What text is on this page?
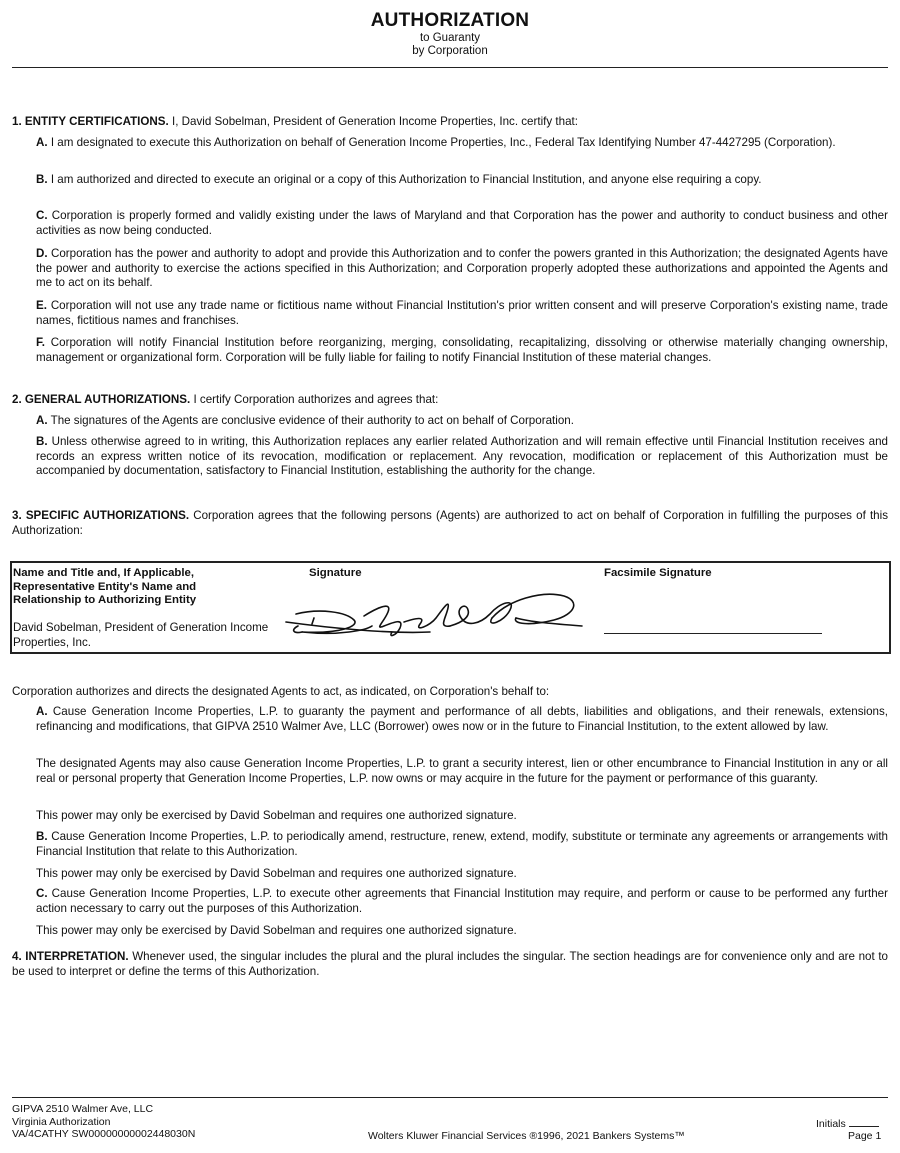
AUTHORIZATION
to Guaranty
by Corporation

1. ENTITY CERTIFICATIONS. I, David Sobelman, President of Generation Income Properties, Inc. certify that:

A. I am designated to execute this Authorization on behalf of Generation Income Properties, Inc., Federal Tax Identifying Number 47-4427295 (Corporation).

B. I am authorized and directed to execute an original or a copy of this Authorization to Financial Institution, and anyone else requiring a copy.

C. Corporation is properly formed and validly existing under the laws of Maryland and that Corporation has the power and authority to conduct business and other activities as now being conducted.

D. Corporation has the power and authority to adopt and provide this Authorization and to confer the powers granted in this Authorization; the designated Agents have the power and authority to exercise the actions specified in this Authorization; and Corporation properly adopted these authorizations and appointed the Agents and me to act on its behalf.

E. Corporation will not use any trade name or fictitious name without Financial Institution's prior written consent and will preserve Corporation's existing name, trade names, fictitious names and franchises.

F. Corporation will notify Financial Institution before reorganizing, merging, consolidating, recapitalizing, dissolving or otherwise materially changing ownership, management or organizational form. Corporation will be fully liable for failing to notify Financial Institution of these material changes.

2. GENERAL AUTHORIZATIONS. I certify Corporation authorizes and agrees that:

A. The signatures of the Agents are conclusive evidence of their authority to act on behalf of Corporation.

B. Unless otherwise agreed to in writing, this Authorization replaces any earlier related Authorization and will remain effective until Financial Institution receives and records an express written notice of its revocation, modification or replacement. Any revocation, modification or replacement of this Authorization must be accompanied by documentation, satisfactory to Financial Institution, establishing the authority for the change.

3. SPECIFIC AUTHORIZATIONS. Corporation agrees that the following persons (Agents) are authorized to act on behalf of Corporation in fulfilling the purposes of this Authorization:

Name and Title and, If Applicable, Representative Entity's Name and Relationship to Authorizing Entity
Signature	Facsimile Signature
David Sobelman, President of Generation Income Properties, Inc.

Corporation authorizes and directs the designated Agents to act, as indicated, on Corporation's behalf to:

A. Cause Generation Income Properties, L.P. to guaranty the payment and performance of all debts, liabilities and obligations, and their renewals, extensions, refinancing and modifications, that GIPVA 2510 Walmer Ave, LLC (Borrower) owes now or in the future to Financial Institution, to the extent allowed by law.

The designated Agents may also cause Generation Income Properties, L.P. to grant a security interest, lien or other encumbrance to Financial Institution in any or all real or personal property that Generation Income Properties, L.P. now owns or may acquire in the future for the payment or performance of this guaranty.

This power may only be exercised by David Sobelman and requires one authorized signature.

B. Cause Generation Income Properties, L.P. to periodically amend, restructure, renew, extend, modify, substitute or terminate any agreements or arrangements with Financial Institution that relate to this Authorization.

This power may only be exercised by David Sobelman and requires one authorized signature.

C. Cause Generation Income Properties, L.P. to execute other agreements that Financial Institution may require, and perform or cause to be performed any further action necessary to carry out the purposes of this Authorization.

This power may only be exercised by David Sobelman and requires one authorized signature.

4. INTERPRETATION. Whenever used, the singular includes the plural and the plural includes the singular. The section headings are for convenience only and are not to be used to interpret or define the terms of this Authorization.

GIPVA 2510 Walmer Ave, LLC
Virginia Authorization
VA/4CATHY SW00000000002448030N	Wolters Kluwer Financial Services ®1996, 2021 Bankers Systems™
Initials
Page 1
